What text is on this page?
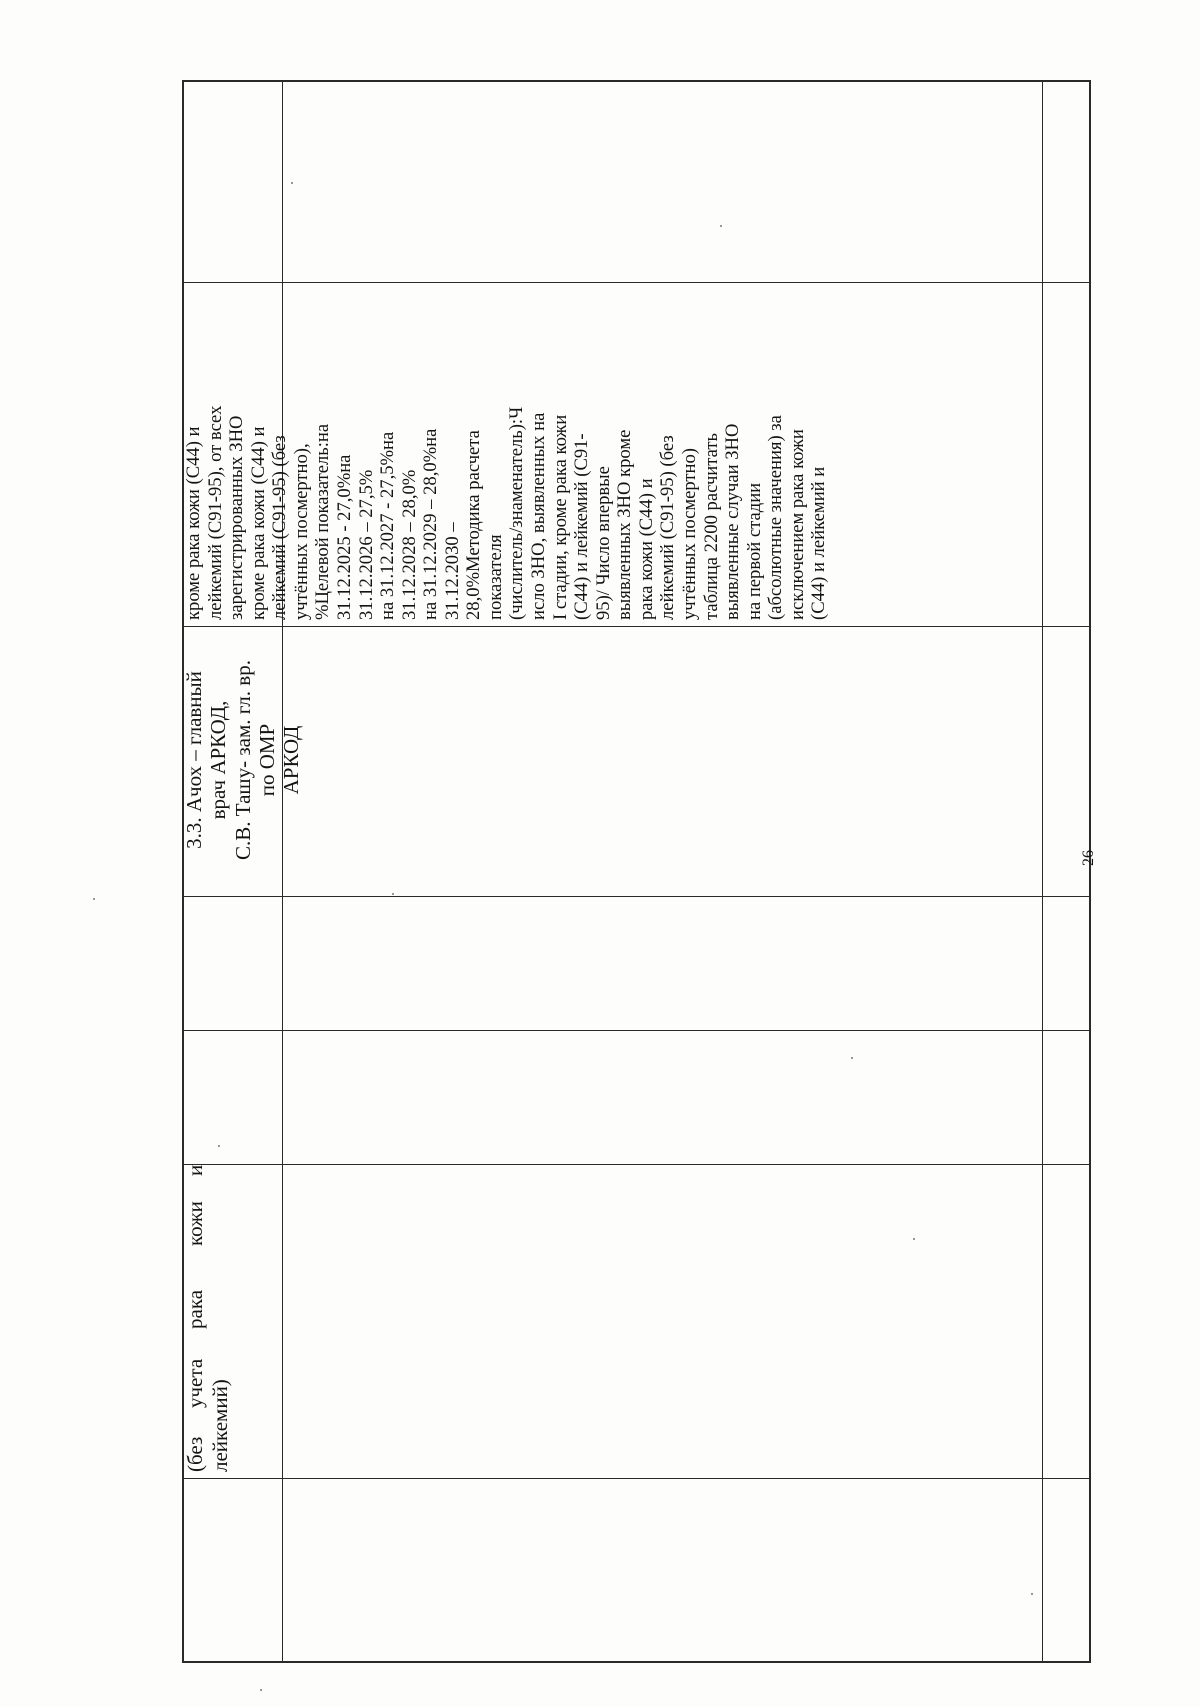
3.3. Ачох – главный врач АРКОД, С.В. Ташу- зам. гл. вр. по ОМР АРКОД
кроме рака кожи (С44) и лейкемий (С91-95), от всех зарегистрированных ЗНО кроме рака кожи (С44) и лейкемий (С91-95) (без учтённых посмертно), %Целевой показатель:на 31.12.2025 - 27,0%на 31.12.2026 – 27,5% на 31.12.2027 - 27,5%на 31.12.2028 – 28,0% на 31.12.2029 – 28,0%на 31.12.2030 – 28,0%Методика расчета показателя (числитель/знаменатель):Ч исло ЗНО, выявленных на I стадии, кроме рака кожи (С44) и лейкемий (С91- 95)/ Число впервые выявленных ЗНО кроме рака кожи (С44) и лейкемий (С91-95) (без учтённых посмертно) таблица 2200 расчитать выявленные случаи ЗНО на первой стадии (абсолютные значения) за исключением рака кожи (С44) и лейкемий и
(без
учета
рака
кожи
и
лейкемий)
26
